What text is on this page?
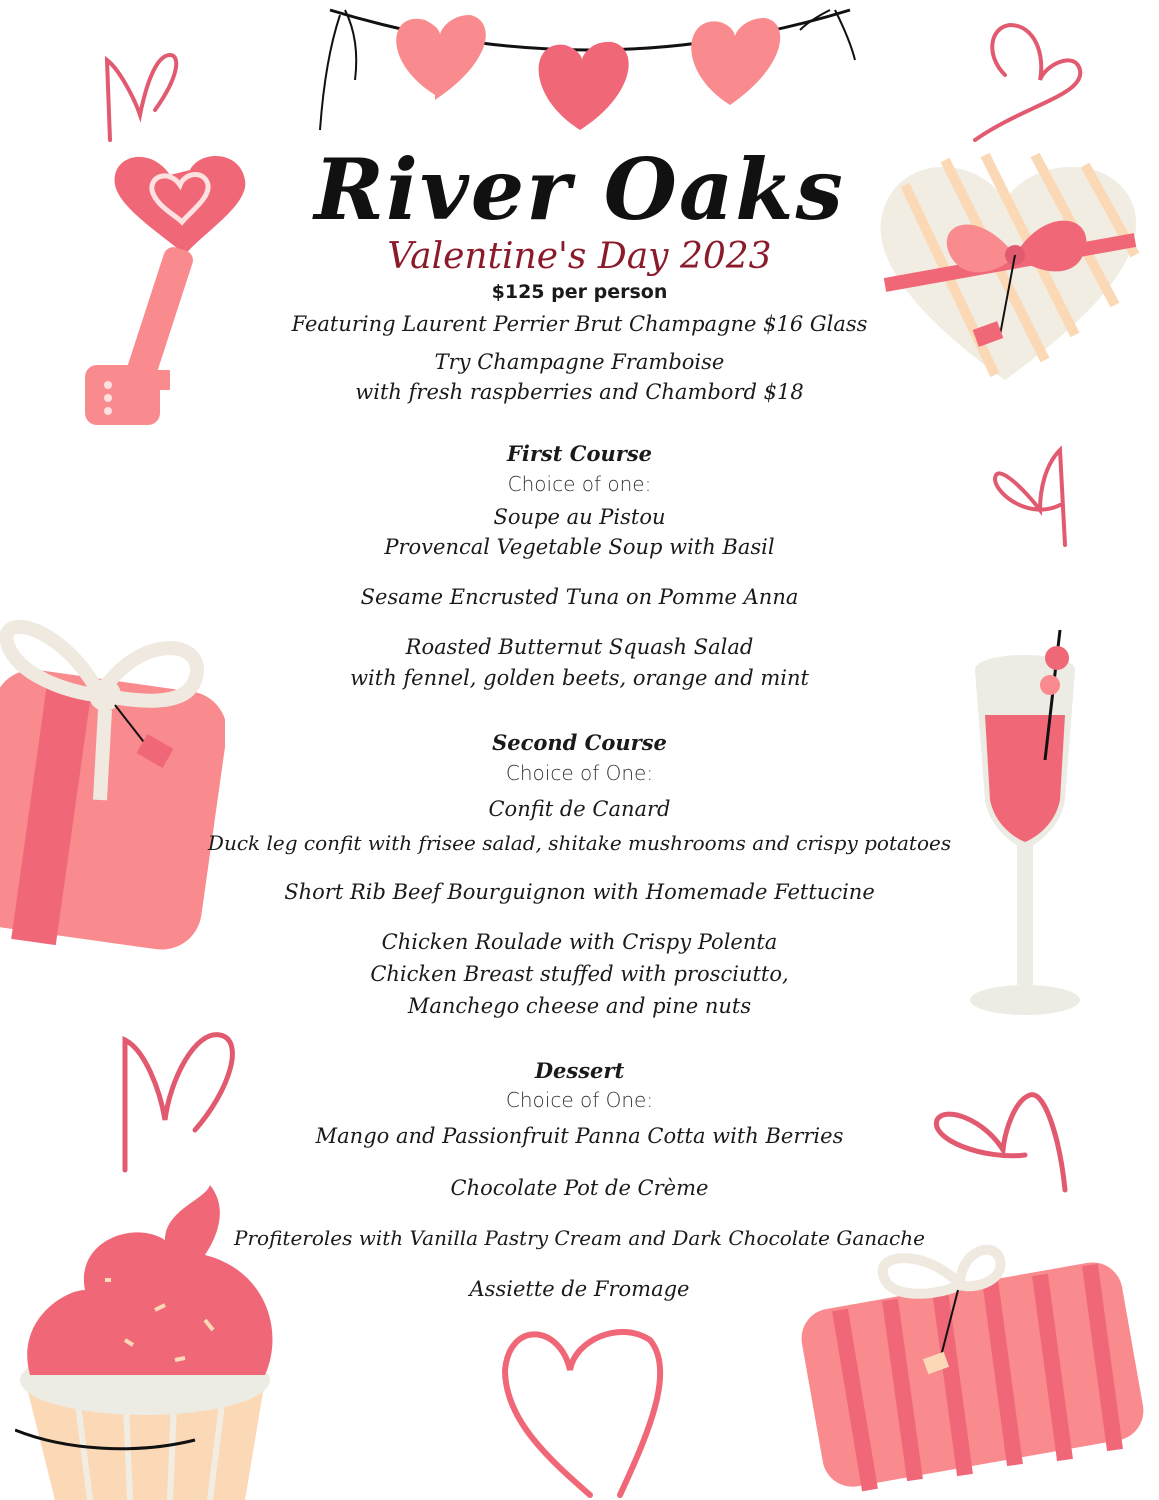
River Oaks
Valentine's Day 2023
$125 per person
Featuring Laurent Perrier Brut Champagne $16 Glass
Try Champagne Framboise
with fresh raspberries and Chambord $18
First Course
Choice of one:
Soupe au Pistou
Provencal Vegetable Soup with Basil
Sesame Encrusted Tuna on Pomme Anna
Roasted Butternut Squash Salad
with fennel, golden beets, orange and mint
Second Course
Choice of One:
Confit de Canard
Duck leg confit with frisee salad, shitake mushrooms and crispy potatoes
Short Rib Beef Bourguignon with Homemade Fettucine
Chicken Roulade with Crispy Polenta
Chicken Breast stuffed with prosciutto,
Manchego cheese and pine nuts
Dessert
Choice of One:
Mango and Passionfruit Panna Cotta with Berries
Chocolate Pot de Crème
Profiteroles with Vanilla Pastry Cream and Dark Chocolate Ganache
Assiette de Fromage
